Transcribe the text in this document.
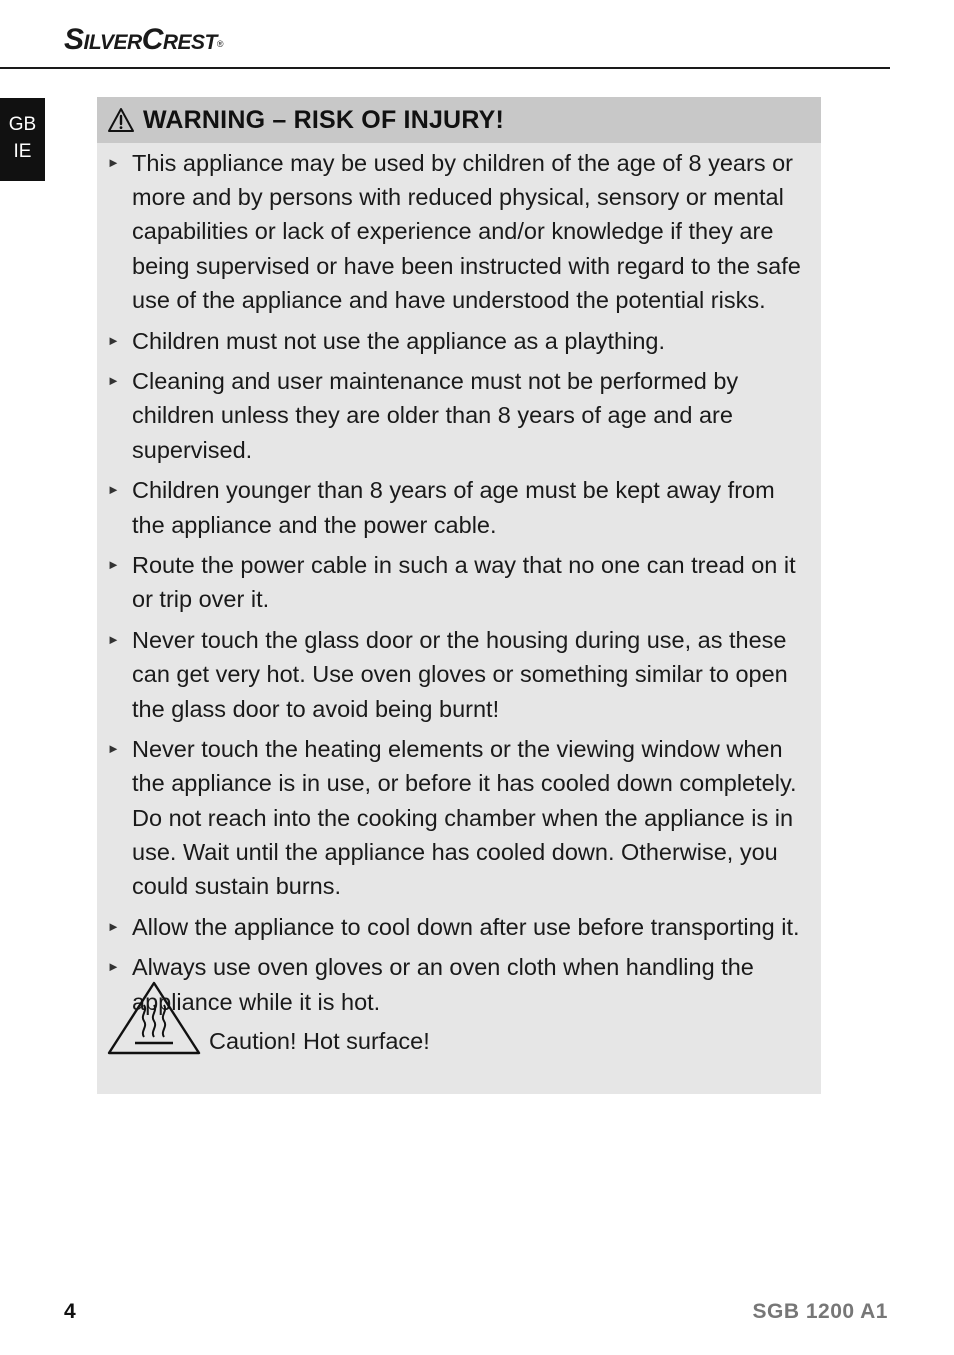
SilverCrest®
GB
IE
WARNING – RISK OF INJURY!
► This appliance may be used by children of the age of 8 years or more and by persons with reduced physical, sensory or mental capabilities or lack of experience and/or knowledge if they are being supervised or have been instructed with regard to the safe use of the appliance and have understood the potential risks.
► Children must not use the appliance as a plaything.
► Cleaning and user maintenance must not be performed by children unless they are older than 8 years of age and are supervised.
► Children younger than 8 years of age must be kept away from the appliance and the power cable.
► Route the power cable in such a way that no one can tread on it or trip over it.
► Never touch the glass door or the housing during use, as these can get very hot. Use oven gloves or something similar to open the glass door to avoid being burnt!
► Never touch the heating elements or the viewing window when the appliance is in use, or before it has cooled down completely. Do not reach into the cooking chamber when the appliance is in use. Wait until the appliance has cooled down. Otherwise, you could sustain burns.
► Allow the appliance to cool down after use before transporting it.
► Always use oven gloves or an oven cloth when handling the appliance while it is hot.
Caution! Hot surface!
4	SGB 1200 A1
